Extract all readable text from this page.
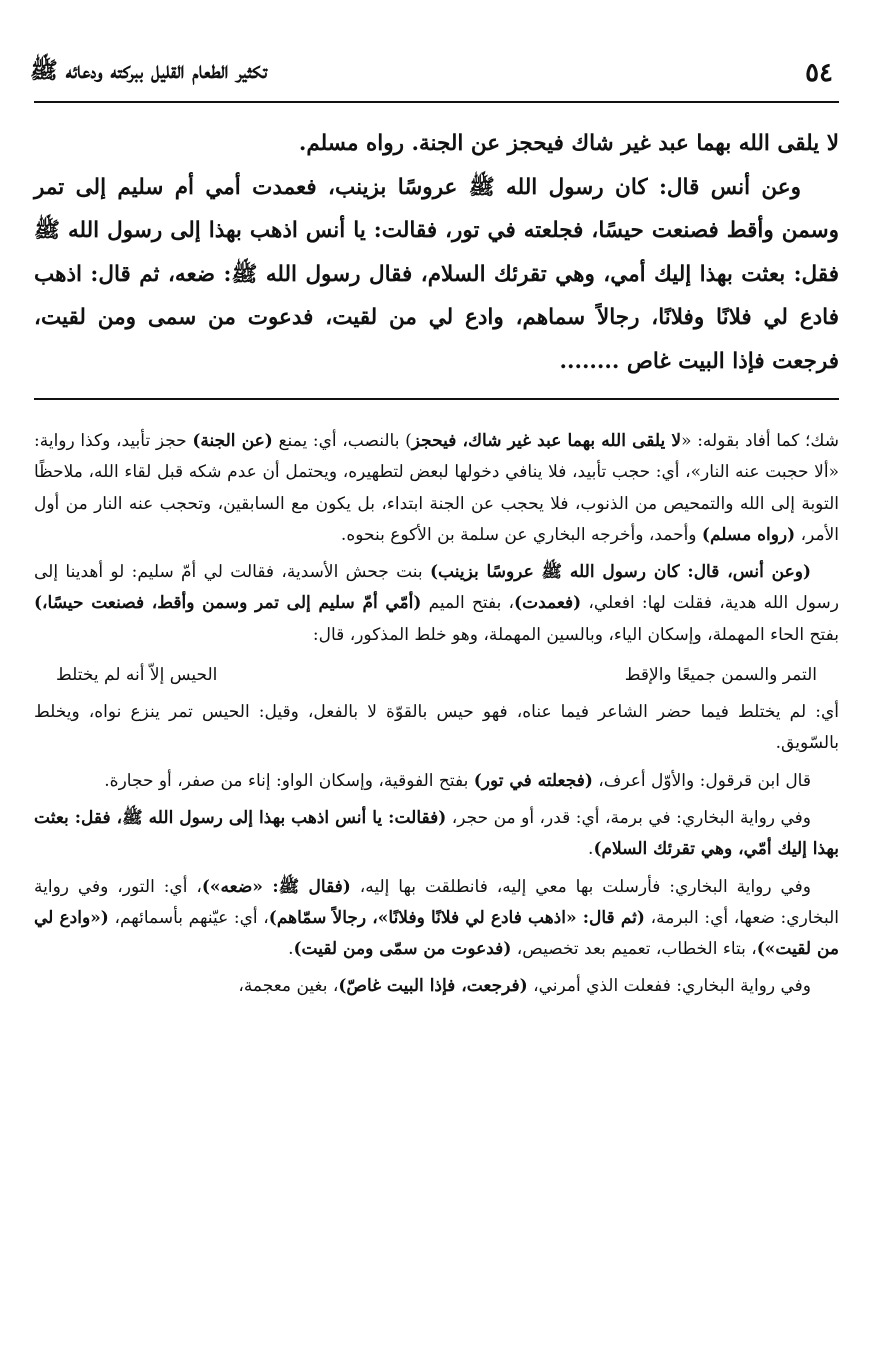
٥٤
تكثير الطعام القليل ببركته ودعائه ﷺ

لا يلقى الله بهما عبد غير شاك فيحجز عن الجنة. رواه مسلم.

وعن أنس قال: كان رسول الله ﷺ عروسًا بزينب، فعمدت أمي أم سليم إلى تمر وسمن وأقط فصنعت حيسًا، فجلعته في تور، فقالت: يا أنس اذهب بهذا إلى رسول الله ﷺ فقل: بعثت بهذا إليك أمي، وهي تقرئك السلام، فقال رسول الله ﷺ: ضعه، ثم قال: اذهب فادع لي فلانًا وفلانًا، رجالاً سماهم، وادع لي من لقيت، فدعوت من سمى ومن لقيت، فرجعت فإذا البيت غاص ........

شك؛ كما أفاد بقوله: «لا يلقى الله بهما عبد غير شاك، فيحجز) بالنصب، أي: يمنع (عن الجنة) حجز تأبيد، وكذا رواية: «ألا حجبت عنه النار»، أي: حجب تأبيد، فلا ينافي دخولها لبعض لتطهيره، ويحتمل أن عدم شكه قبل لقاء الله، ملاحظًا التوبة إلى الله والتمحيص من الذنوب، فلا يحجب عن الجنة ابتداء، بل يكون مع السابقين، وتحجب عنه النار من أول الأمر، (رواه مسلم) وأحمد، وأخرجه البخاري عن سلمة بن الأكوع بنحوه.

(وعن أنس، قال: كان رسول الله ﷺ عروسًا بزينب) بنت جحش الأسدية، فقالت لي أمّ سليم: لو أهدينا إلى رسول الله هدية، فقلت لها: افعلي، (فعمدت)، بفتح الميم (أمّي أمّ سليم إلى تمر وسمن وأقط، فصنعت حيسًا،) بفتح الحاء المهملة، وإسكان الياء، وبالسين المهملة، وهو خلط المذكور، قال:

التمر والسمن جميعًا والإقط
الحيس إلاّ أنه لم يختلط

أي: لم يختلط فيما حضر الشاعر فيما عناه، فهو حيس بالقوّة لا بالفعل، وقيل: الحيس تمر ينزع نواه، ويخلط بالسّويق.

قال ابن قرقول: والأوّل أعرف، (فجعلته في تور) بفتح الفوقية، وإسكان الواو: إناء من صفر، أو حجارة.

وفي رواية البخاري: في برمة، أي: قدر، أو من حجر، (فقالت: يا أنس اذهب بهذا إلى رسول الله ﷺ، فقل: بعثت بهذا إليك أمّي، وهي تقرئك السلام).

وفي رواية البخاري: فأرسلت بها معي إليه، فانطلقت بها إليه، (فقال ﷺ: «ضعه»)، أي: التور، وفي رواية البخاري: ضعها، أي: البرمة، (ثم قال: «اذهب فادع لي فلانًا وفلانًا»، رجالاً سمّاهم)، أي: عيّنهم بأسمائهم، («وادع لي من لقيت»)، بتاء الخطاب، تعميم بعد تخصيص، (فدعوت من سمّى ومن لقيت).

وفي رواية البخاري: ففعلت الذي أمرني، (فرجعت، فإذا البيت غاصّ)، بغين معجمة،
